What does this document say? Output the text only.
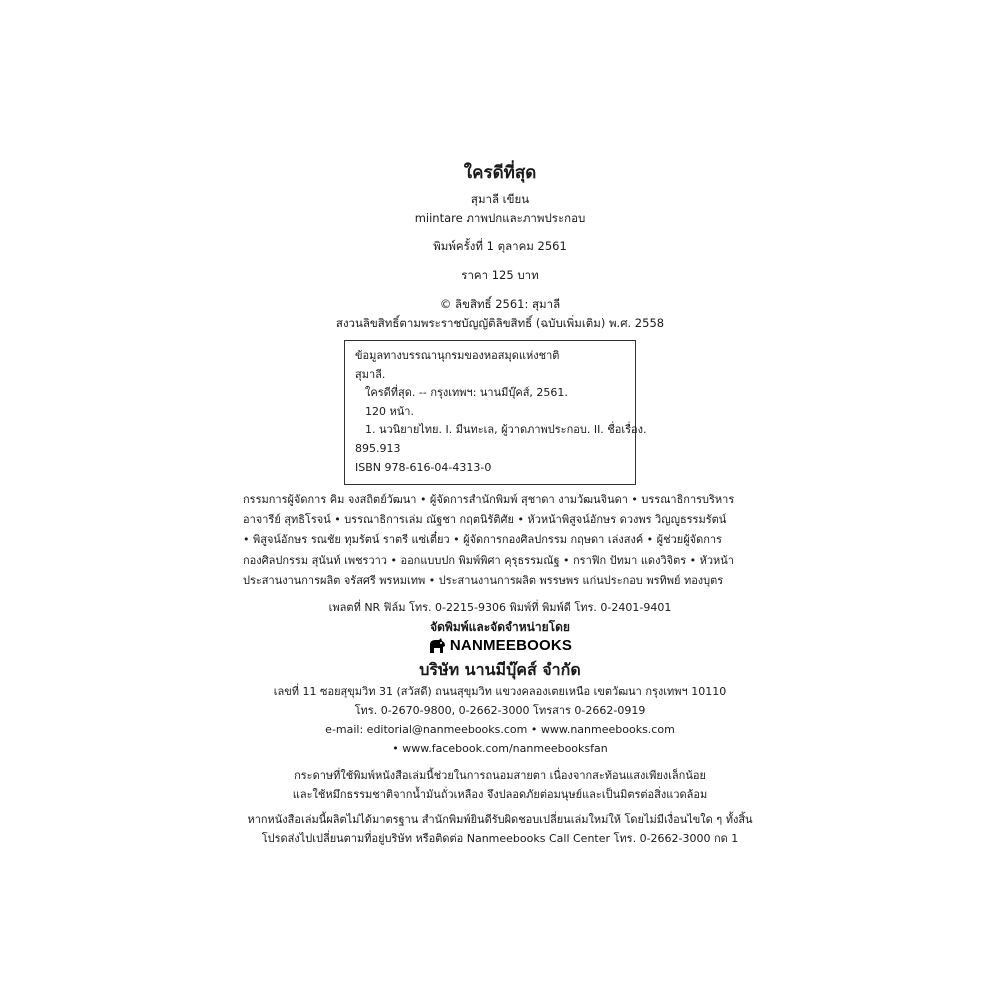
ใครดีที่สุด
สุมาลี เขียน
miintare ภาพปกและภาพประกอบ
พิมพ์ครั้งที่ 1 ตุลาคม 2561
ราคา 125 บาท
© ลิขสิทธิ์ 2561: สุมาลี
สงวนลิขสิทธิ์ตามพระราชบัญญัติลิขสิทธิ์ (ฉบับเพิ่มเติม) พ.ศ. 2558
ข้อมูลทางบรรณานุกรมของหอสมุดแห่งชาติ
สุมาลี.
ใครดีที่สุด. -- กรุงเทพฯ: นานมีบุ๊คส์, 2561.
120 หน้า.
1. นวนิยายไทย. I. มีนทะเล, ผู้วาดภาพประกอบ. II. ชื่อเรื่อง.
895.913
ISBN 978-616-04-4313-0
กรรมการผู้จัดการ คิม จงสถิตย์วัฒนา • ผู้จัดการสำนักพิมพ์ สุชาดา งามวัฒนจินดา • บรรณาธิการบริหาร
อาจารีย์ สุทธิโรจน์ • บรรณาธิการเล่ม ณัฐชา กฤตนิรัติศัย • หัวหน้าพิสูจน์อักษร ดวงพร วิญญูธรรมรัตน์
• พิสูจน์อักษร รณชัย ทุมรัตน์ ราตรี แซ่เตี๋ยว • ผู้จัดการกองศิลปกรรม กฤษดา เล่งสงค์ • ผู้ช่วยผู้จัดการ
กองศิลปกรรม สุนันท์ เพชรวาว • ออกแบบปก พิมพ์พิศา คุรุธรรมณัฐ • กราฟิก ปัทมา แดงวิจิตร • หัวหน้า
ประสานงานการผลิต จรัสศรี พรหมเทพ • ประสานงานการผลิต พรรษพร แก่นประกอบ พรทิพย์ ทองบุตร
เพลตที่ NR ฟิล์ม โทร. 0-2215-9306 พิมพ์ที่ พิมพ์ดี โทร. 0-2401-9401
จัดพิมพ์และจัดจำหน่ายโดย
NANMEEBOOKS
บริษัท นานมีบุ๊คส์ จำกัด
เลขที่ 11 ซอยสุขุมวิท 31 (สวัสดี) ถนนสุขุมวิท แขวงคลองเตยเหนือ เขตวัฒนา กรุงเทพฯ 10110
โทร. 0-2670-9800, 0-2662-3000 โทรสาร 0-2662-0919
e-mail: editorial@nanmeebooks.com • www.nanmeebooks.com
• www.facebook.com/nanmeebooksfan
กระดาษที่ใช้พิมพ์หนังสือเล่มนี้ช่วยในการถนอมสายตา เนื่องจากสะท้อนแสงเพียงเล็กน้อย
และใช้หมึกธรรมชาติจากน้ำมันถั่วเหลือง จึงปลอดภัยต่อมนุษย์และเป็นมิตรต่อสิ่งแวดล้อม
หากหนังสือเล่มนี้ผลิตไม่ได้มาตรฐาน สำนักพิมพ์ยินดีรับผิดชอบเปลี่ยนเล่มใหม่ให้ โดยไม่มีเงื่อนไขใด ๆ ทั้งสิ้น
โปรดส่งไปเปลี่ยนตามที่อยู่บริษัท หรือติดต่อ Nanmeebooks Call Center โทร. 0-2662-3000 กด 1
